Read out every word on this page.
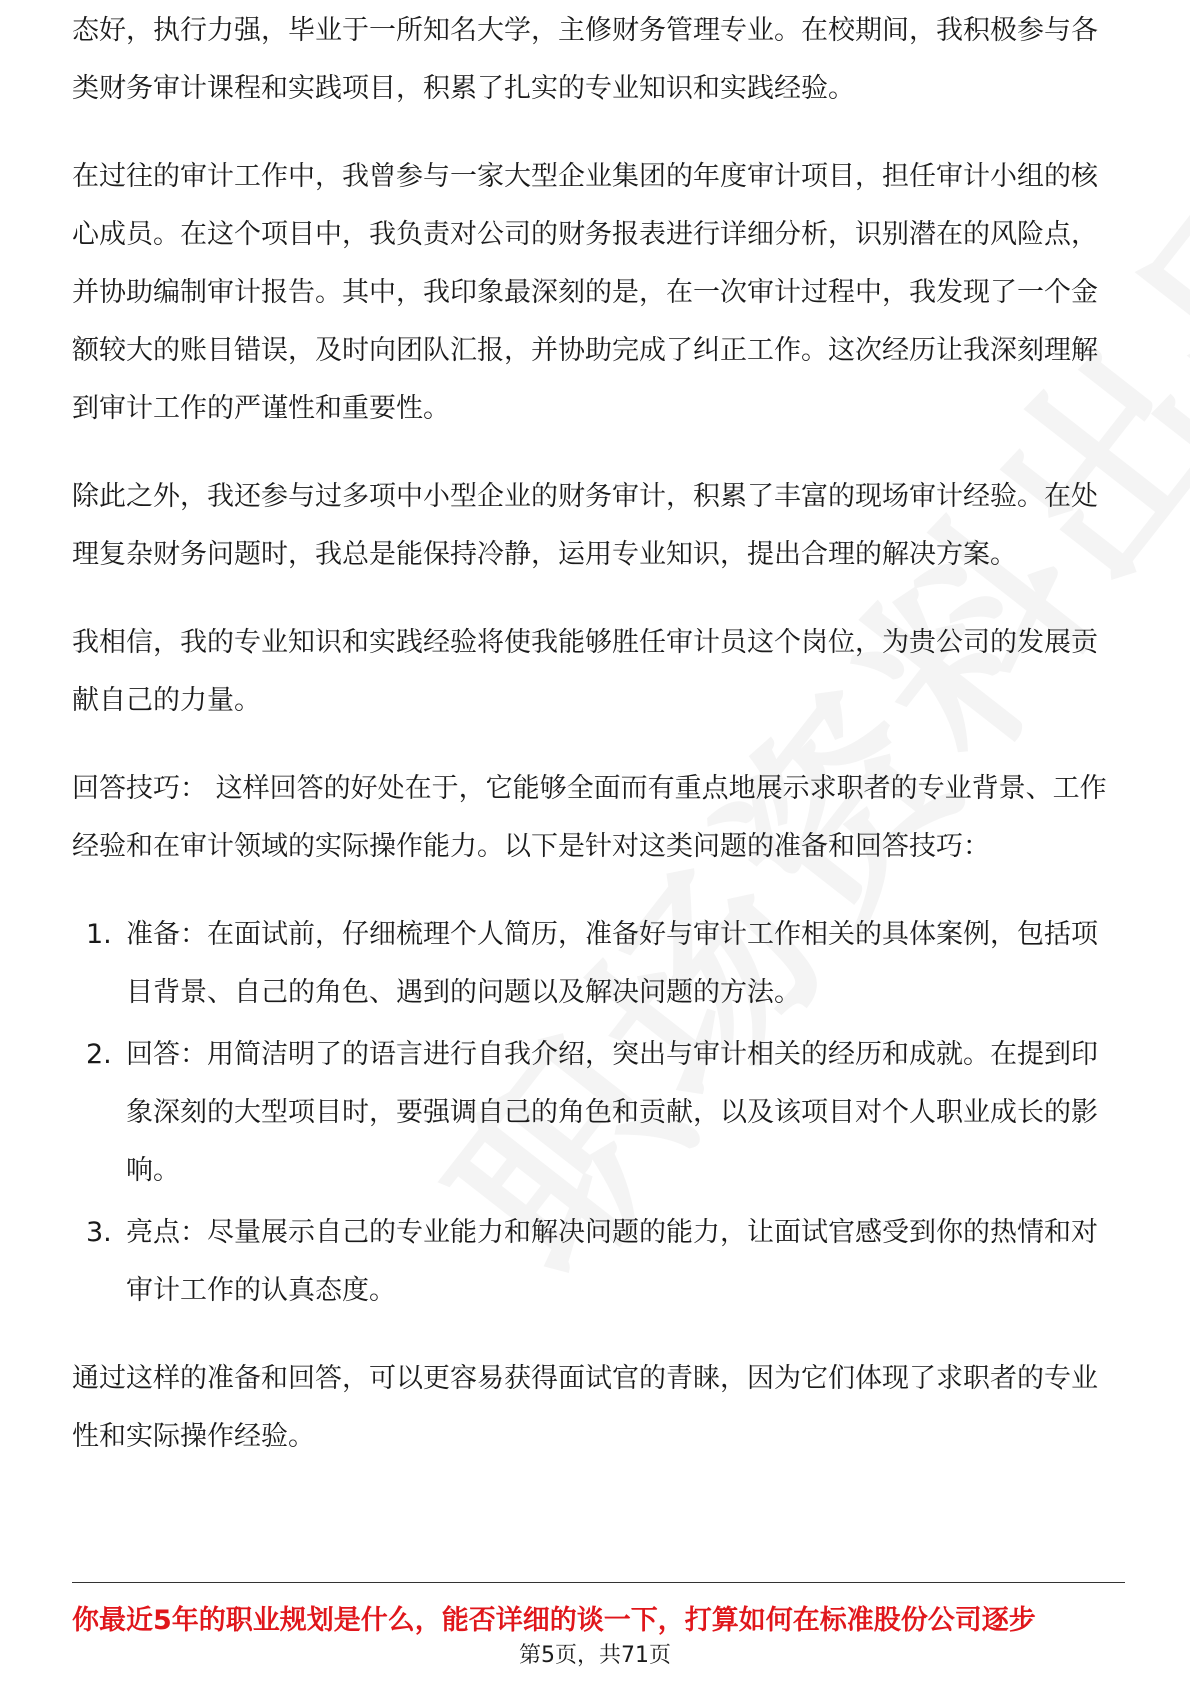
态好，执行力强，毕业于一所知名大学，主修财务管理专业。在校期间，我积极参与各类财务审计课程和实践项目，积累了扎实的专业知识和实践经验。

在过往的审计工作中，我曾参与一家大型企业集团的年度审计项目，担任审计小组的核心成员。在这个项目中，我负责对公司的财务报表进行详细分析，识别潜在的风险点，并协助编制审计报告。其中，我印象最深刻的是，在一次审计过程中，我发现了一个金额较大的账目错误，及时向团队汇报，并协助完成了纠正工作。这次经历让我深刻理解到审计工作的严谨性和重要性。

除此之外，我还参与过多项中小型企业的财务审计，积累了丰富的现场审计经验。在处理复杂财务问题时，我总是能保持冷静，运用专业知识，提出合理的解决方案。

我相信，我的专业知识和实践经验将使我能够胜任审计员这个岗位，为贵公司的发展贡献自己的力量。

回答技巧： 这样回答的好处在于，它能够全面而有重点地展示求职者的专业背景、工作经验和在审计领域的实际操作能力。以下是针对这类问题的准备和回答技巧：

1. 准备：在面试前，仔细梳理个人简历，准备好与审计工作相关的具体案例，包括项目背景、自己的角色、遇到的问题以及解决问题的方法。
2. 回答：用简洁明了的语言进行自我介绍，突出与审计相关的经历和成就。在提到印象深刻的大型项目时，要强调自己的角色和贡献，以及该项目对个人职业成长的影响。
3. 亮点：尽量展示自己的专业能力和解决问题的能力，让面试官感受到你的热情和对审计工作的认真态度。

通过这样的准备和回答，可以更容易获得面试官的青睐，因为它们体现了求职者的专业性和实际操作经验。

你最近5年的职业规划是什么，能否详细的谈一下，打算如何在标准股份公司逐步
第5页，共71页
